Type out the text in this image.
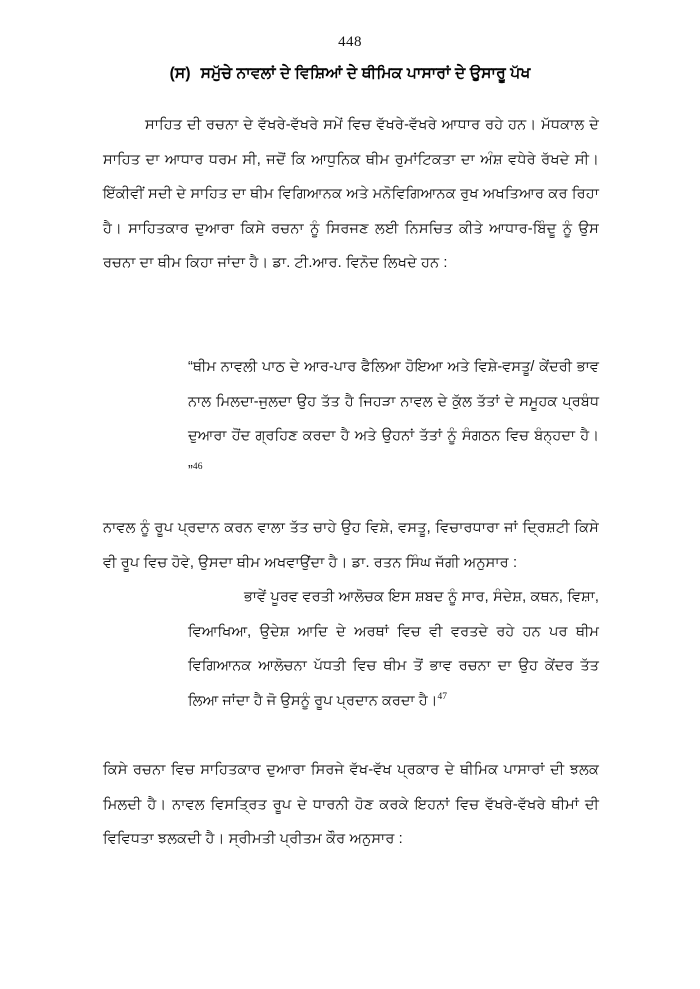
448
(ਸ) ਸਮੁੱਚੇ ਨਾਵਲਾਂ ਦੇ ਵਿਸ਼ਿਆਂ ਦੇ ਥੀਮਿਕ ਪਾਸਾਰਾਂ ਦੇ ਉਸਾਰੂ ਪੱਖ

ਸਾਹਿਤ ਦੀ ਰਚਨਾ ਦੇ ਵੱਖਰੇ-ਵੱਖਰੇ ਸਮੇਂ ਵਿਚ ਵੱਖਰੇ-ਵੱਖਰੇ ਆਧਾਰ ਰਹੇ ਹਨ। ਮੱਧਕਾਲ ਦੇ ਸਾਹਿਤ ਦਾ ਆਧਾਰ ਧਰਮ ਸੀ, ਜਦੋਂ ਕਿ ਆਧੁਨਿਕ ਥੀਮ ਰੁਮਾਂਟਿਕਤਾ ਦਾ ਅੰਸ਼ ਵਧੇਰੇ ਰੱਖਦੇ ਸੀ। ਇੱਕੀਵੀਂ ਸਦੀ ਦੇ ਸਾਹਿਤ ਦਾ ਥੀਮ ਵਿਗਿਆਨਕ ਅਤੇ ਮਨੋਵਿਗਿਆਨਕ ਰੁਖ ਅਖਤਿਆਰ ਕਰ ਰਿਹਾ ਹੈ। ਸਾਹਿਤਕਾਰ ਦੁਆਰਾ ਕਿਸੇ ਰਚਨਾ ਨੂੰ ਸਿਰਜਣ ਲਈ ਨਿਸਚਿਤ ਕੀਤੇ ਆਧਾਰ-ਬਿੰਦੂ ਨੂੰ ਉਸ ਰਚਨਾ ਦਾ ਥੀਮ ਕਿਹਾ ਜਾਂਦਾ ਹੈ। ਡਾ. ਟੀ.ਆਰ. ਵਿਨੋਦ ਲਿਖਦੇ ਹਨ :

“ਥੀਮ ਨਾਵਲੀ ਪਾਠ ਦੇ ਆਰ-ਪਾਰ ਫੈਲਿਆ ਹੋਇਆ ਅਤੇ ਵਿਸ਼ੇ-ਵਸਤੂ/ ਕੇਂਦਰੀ ਭਾਵ ਨਾਲ ਮਿਲਦਾ-ਜੁਲਦਾ ਉਹ ਤੱਤ ਹੈ ਜਿਹੜਾ ਨਾਵਲ ਦੇ ਕੁੱਲ ਤੱਤਾਂ ਦੇ ਸਮੂਹਕ ਪ੍ਰਬੰਧ ਦੁਆਰਾ ਹੋਂਦ ਗ੍ਰਹਿਣ ਕਰਦਾ ਹੈ ਅਤੇ ਉਹਨਾਂ ਤੱਤਾਂ ਨੂੰ ਸੰਗਠਨ ਵਿਚ ਬੰਨ੍ਹਦਾ ਹੈ। ”$^{46}$

ਨਾਵਲ ਨੂੰ ਰੂਪ ਪ੍ਰਦਾਨ ਕਰਨ ਵਾਲਾ ਤੱਤ ਚਾਹੇ ਉਹ ਵਿਸ਼ੇ, ਵਸਤੂ, ਵਿਚਾਰਧਾਰਾ ਜਾਂ ਦ੍ਰਿਸ਼ਟੀ ਕਿਸੇ ਵੀ ਰੂਪ ਵਿਚ ਹੋਵੇ, ਉਸਦਾ ਥੀਮ ਅਖਵਾਉਂਦਾ ਹੈ। ਡਾ. ਰਤਨ ਸਿੰਘ ਜੱਗੀ ਅਨੁਸਾਰ :

ਭਾਵੇਂ ਪੂਰਵ ਵਰਤੀ ਆਲੋਚਕ ਇਸ ਸ਼ਬਦ ਨੂੰ ਸਾਰ, ਸੰਦੇਸ਼, ਕਥਨ, ਵਿਸ਼ਾ, ਵਿਆਖਿਆ, ਉਦੇਸ਼ ਆਦਿ ਦੇ ਅਰਥਾਂ ਵਿਚ ਵੀ ਵਰਤਦੇ ਰਹੇ ਹਨ ਪਰ ਥੀਮ ਵਿਗਿਆਨਕ ਆਲੋਚਨਾ ਪੱਧਤੀ ਵਿਚ ਥੀਮ ਤੋਂ ਭਾਵ ਰਚਨਾ ਦਾ ਉਹ ਕੇਂਦਰ ਤੱਤ ਲਿਆ ਜਾਂਦਾ ਹੈ ਜੋ ਉਸਨੂੰ ਰੂਪ ਪ੍ਰਦਾਨ ਕਰਦਾ ਹੈ।$^{47}$

ਕਿਸੇ ਰਚਨਾ ਵਿਚ ਸਾਹਿਤਕਾਰ ਦੁਆਰਾ ਸਿਰਜੇ ਵੱਖ-ਵੱਖ ਪ੍ਰਕਾਰ ਦੇ ਥੀਮਿਕ ਪਾਸਾਰਾਂ ਦੀ ਝਲਕ ਮਿਲਦੀ ਹੈ। ਨਾਵਲ ਵਿਸਤ੍ਰਿਤ ਰੂਪ ਦੇ ਧਾਰਨੀ ਹੋਣ ਕਰਕੇ ਇਹਨਾਂ ਵਿਚ ਵੱਖਰੇ-ਵੱਖਰੇ ਥੀਮਾਂ ਦੀ ਵਿਵਿਧਤਾ ਝਲਕਦੀ ਹੈ। ਸ੍ਰੀਮਤੀ ਪ੍ਰੀਤਮ ਕੌਰ ਅਨੁਸਾਰ :
